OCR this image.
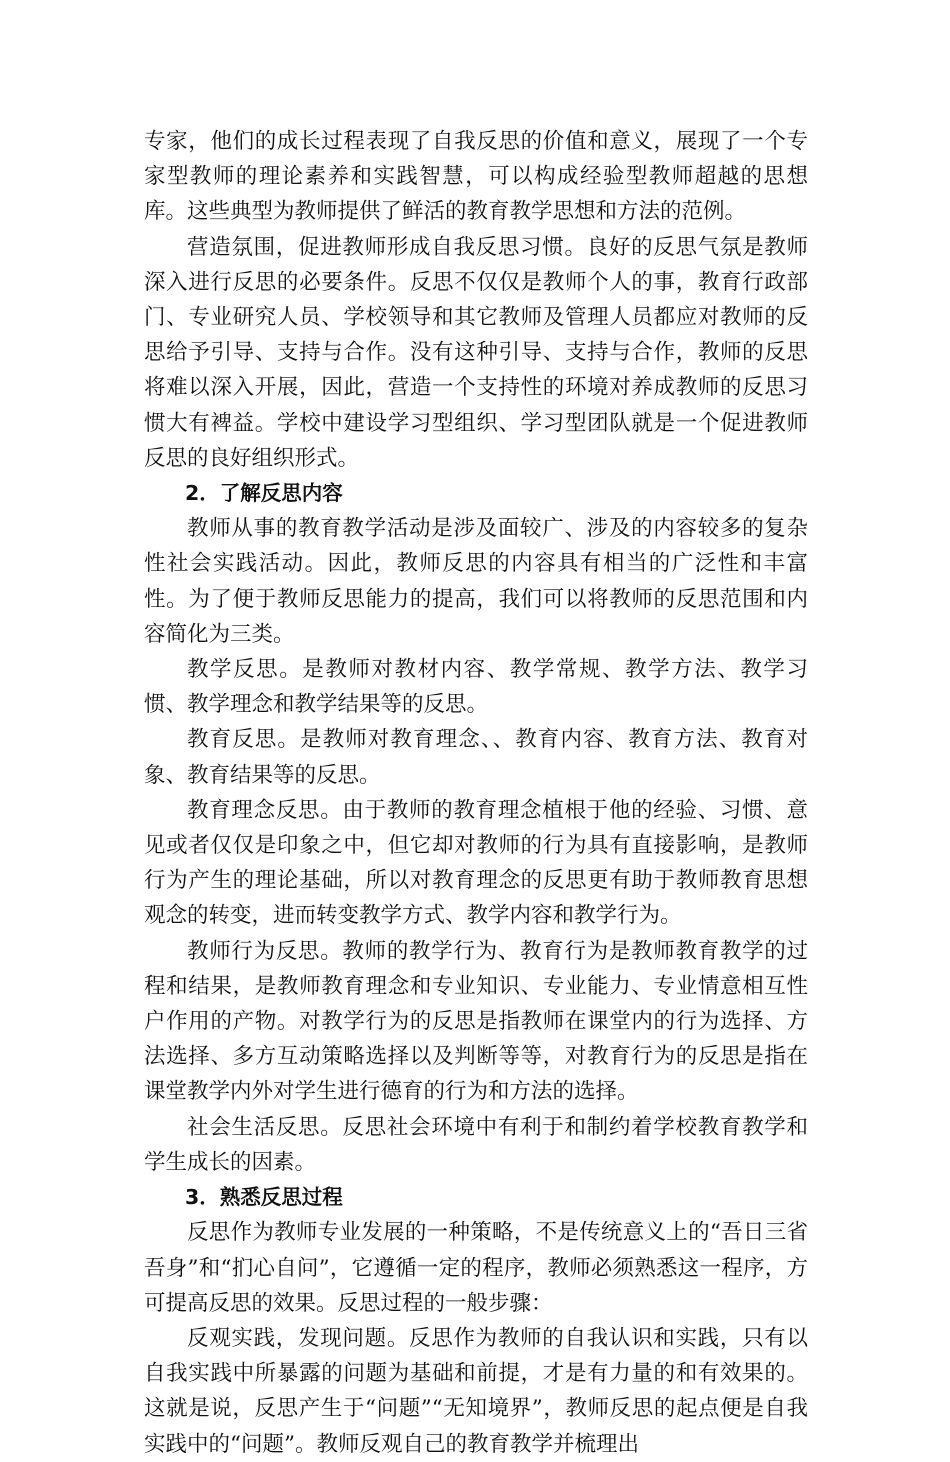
专家，他们的成长过程表现了自我反思的价值和意义，展现了一个专家型教师的理论素养和实践智慧，可以构成经验型教师超越的思想库。这些典型为教师提供了鲜活的教育教学思想和方法的范例。

营造氛围，促进教师形成自我反思习惯。良好的反思气氛是教师深入进行反思的必要条件。反思不仅仅是教师个人的事，教育行政部门、专业研究人员、学校领导和其它教师及管理人员都应对教师的反思给予引导、支持与合作。没有这种引导、支持与合作，教师的反思将难以深入开展，因此，营造一个支持性的环境对养成教师的反思习惯大有裨益。学校中建设学习型组织、学习型团队就是一个促进教师反思的良好组织形式。

2．了解反思内容

教师从事的教育教学活动是涉及面较广、涉及的内容较多的复杂性社会实践活动。因此，教师反思的内容具有相当的广泛性和丰富性。为了便于教师反思能力的提高，我们可以将教师的反思范围和内容简化为三类。

教学反思。是教师对教材内容、教学常规、教学方法、教学习惯、教学理念和教学结果等的反思。

教育反思。是教师对教育理念、、教育内容、教育方法、教育对象、教育结果等的反思。

教育理念反思。由于教师的教育理念植根于他的经验、习惯、意见或者仅仅是印象之中，但它却对教师的行为具有直接影响，是教师行为产生的理论基础，所以对教育理念的反思更有助于教师教育思想观念的转变，进而转变教学方式、教学内容和教学行为。

教师行为反思。教师的教学行为、教育行为是教师教育教学的过程和结果，是教师教育理念和专业知识、专业能力、专业情意相互性户作用的产物。对教学行为的反思是指教师在课堂内的行为选择、方法选择、多方互动策略选择以及判断等等，对教育行为的反思是指在课堂教学内外对学生进行德育的行为和方法的选择。

社会生活反思。反思社会环境中有利于和制约着学校教育教学和学生成长的因素。

3．熟悉反思过程

反思作为教师专业发展的一种策略，不是传统意义上的“吾日三省吾身”和“扪心自问”，它遵循一定的程序，教师必须熟悉这一程序，方可提高反思的效果。反思过程的一般步骤：

反观实践，发现问题。反思作为教师的自我认识和实践，只有以自我实践中所暴露的问题为基础和前提，才是有力量的和有效果的。这就是说，反思产生于“问题”“无知境界”，教师反思的起点便是自我实践中的“问题”。教师反观自己的教育教学并梳理出
